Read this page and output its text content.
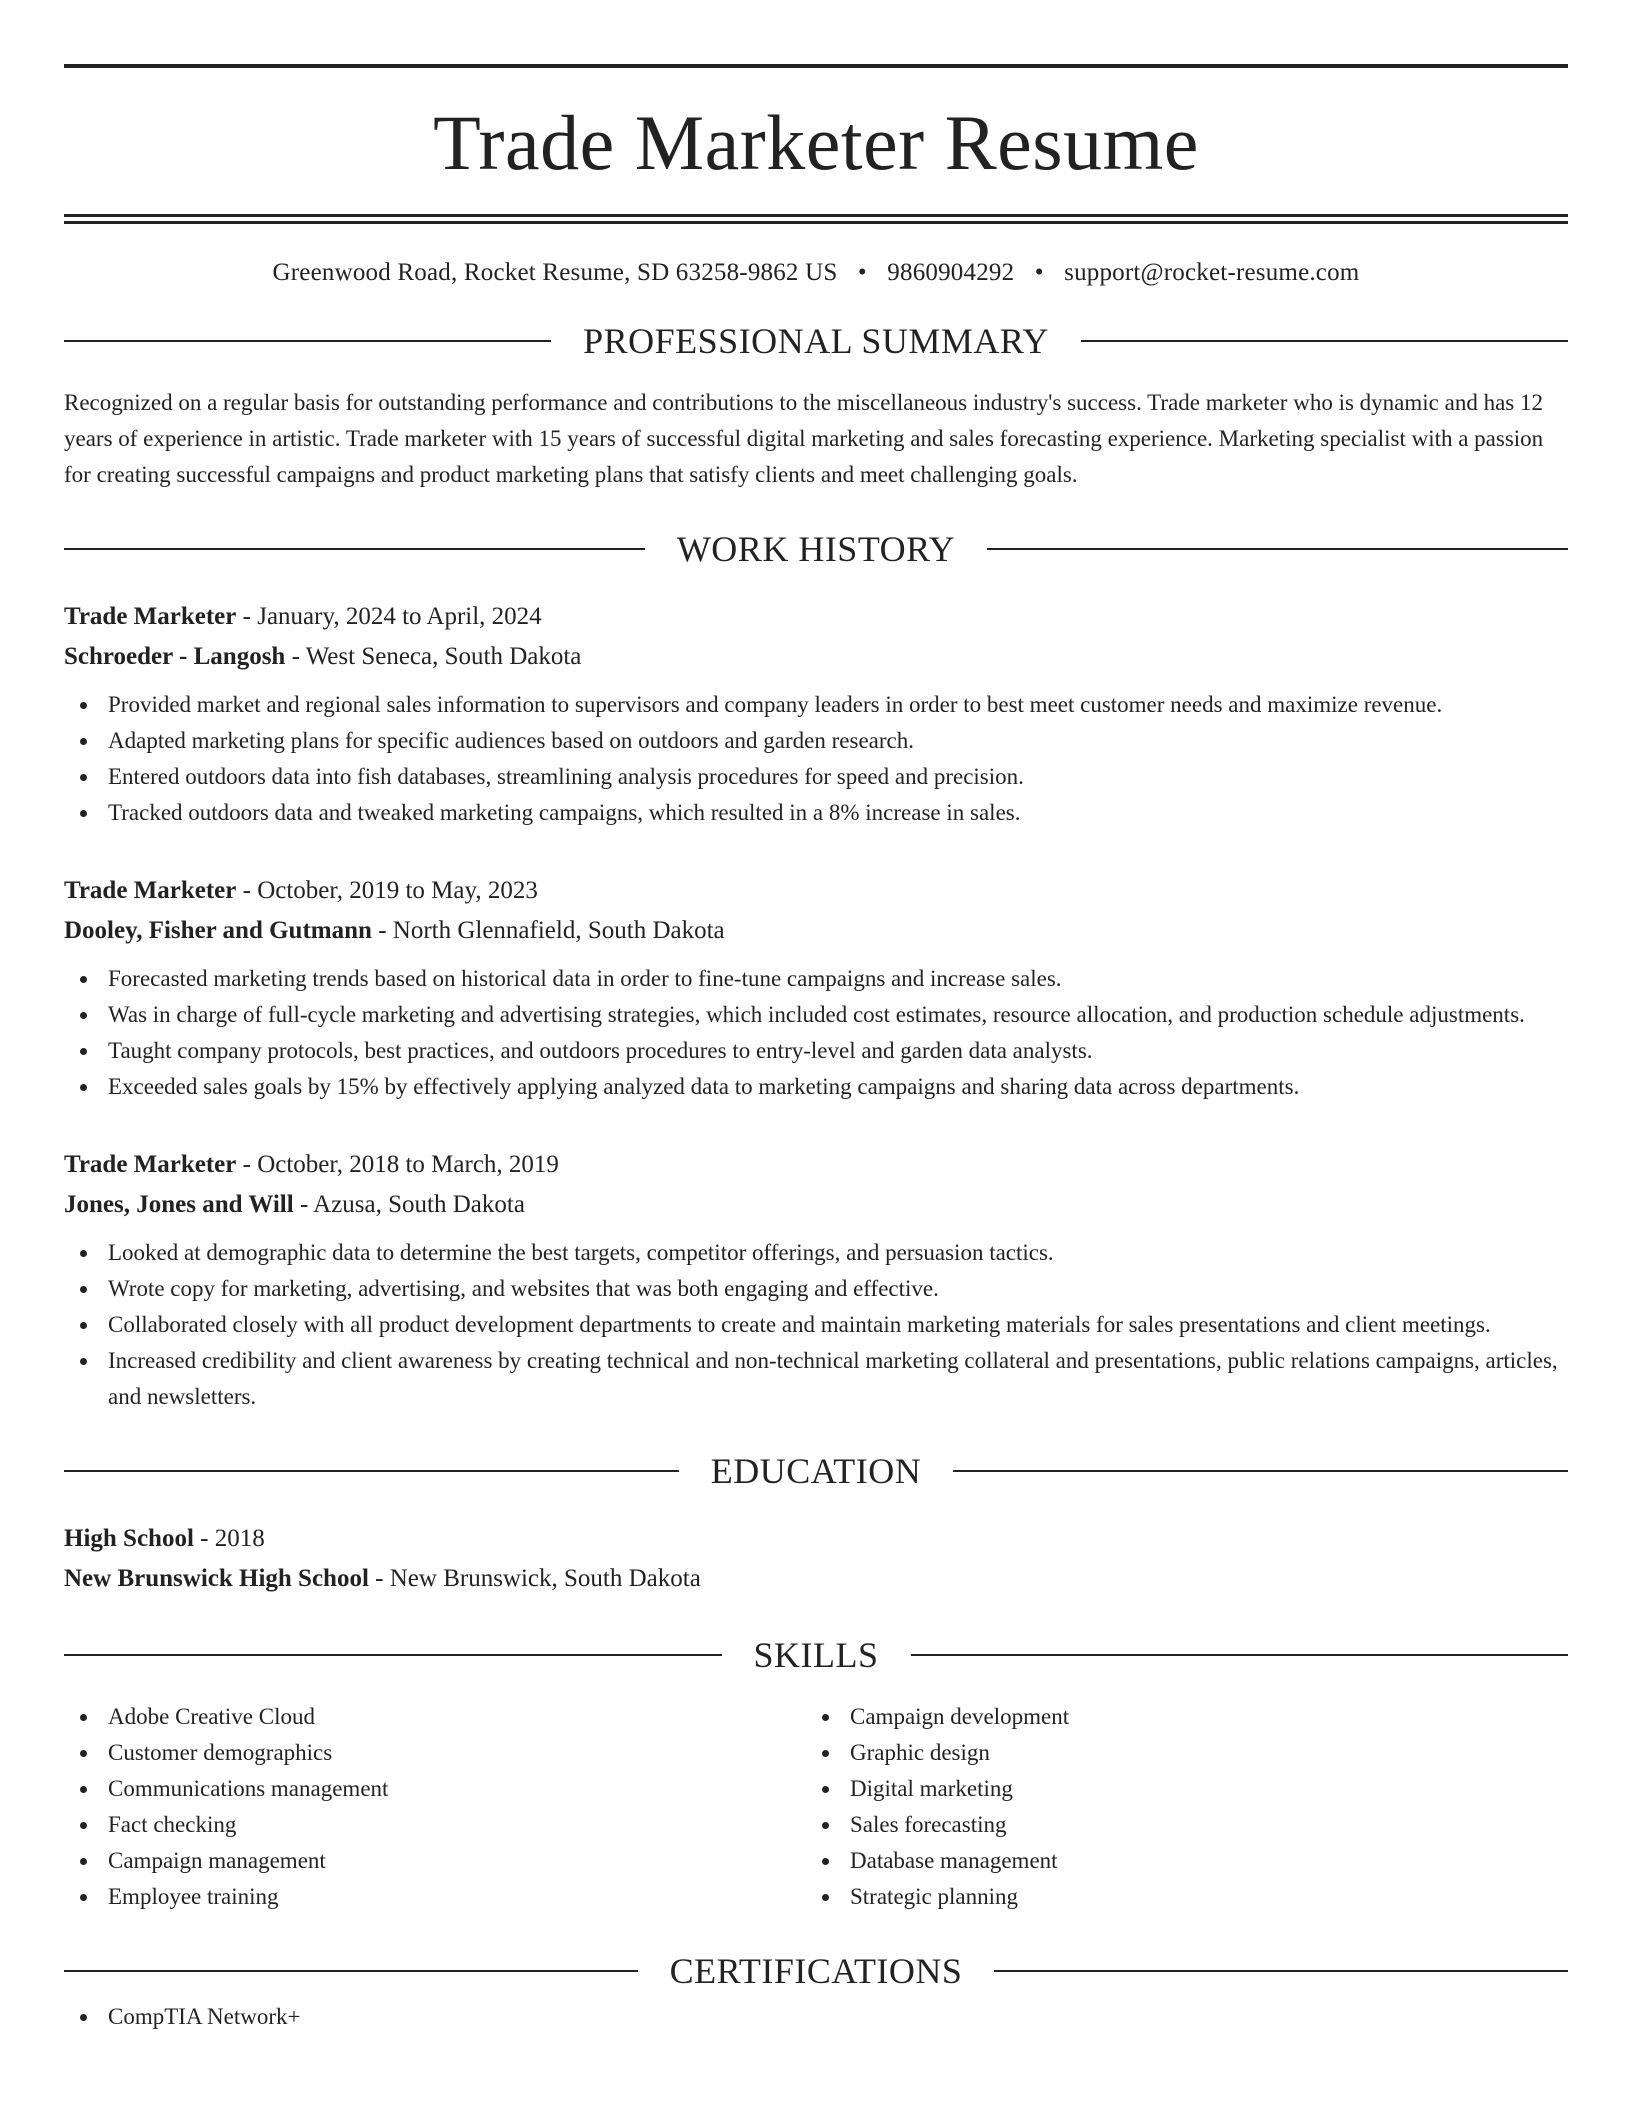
Trade Marketer Resume
Greenwood Road, Rocket Resume, SD 63258-9862 US • 9860904292 • support@rocket-resume.com
PROFESSIONAL SUMMARY
Recognized on a regular basis for outstanding performance and contributions to the miscellaneous industry's success. Trade marketer who is dynamic and has 12 years of experience in artistic. Trade marketer with 15 years of successful digital marketing and sales forecasting experience. Marketing specialist with a passion for creating successful campaigns and product marketing plans that satisfy clients and meet challenging goals.
WORK HISTORY
Trade Marketer - January, 2024 to April, 2024
Schroeder - Langosh - West Seneca, South Dakota
Provided market and regional sales information to supervisors and company leaders in order to best meet customer needs and maximize revenue.
Adapted marketing plans for specific audiences based on outdoors and garden research.
Entered outdoors data into fish databases, streamlining analysis procedures for speed and precision.
Tracked outdoors data and tweaked marketing campaigns, which resulted in a 8% increase in sales.
Trade Marketer - October, 2019 to May, 2023
Dooley, Fisher and Gutmann - North Glennafield, South Dakota
Forecasted marketing trends based on historical data in order to fine-tune campaigns and increase sales.
Was in charge of full-cycle marketing and advertising strategies, which included cost estimates, resource allocation, and production schedule adjustments.
Taught company protocols, best practices, and outdoors procedures to entry-level and garden data analysts.
Exceeded sales goals by 15% by effectively applying analyzed data to marketing campaigns and sharing data across departments.
Trade Marketer - October, 2018 to March, 2019
Jones, Jones and Will - Azusa, South Dakota
Looked at demographic data to determine the best targets, competitor offerings, and persuasion tactics.
Wrote copy for marketing, advertising, and websites that was both engaging and effective.
Collaborated closely with all product development departments to create and maintain marketing materials for sales presentations and client meetings.
Increased credibility and client awareness by creating technical and non-technical marketing collateral and presentations, public relations campaigns, articles, and newsletters.
EDUCATION
High School - 2018
New Brunswick High School - New Brunswick, South Dakota
SKILLS
Adobe Creative Cloud
Customer demographics
Communications management
Fact checking
Campaign management
Employee training
Campaign development
Graphic design
Digital marketing
Sales forecasting
Database management
Strategic planning
CERTIFICATIONS
CompTIA Network+
